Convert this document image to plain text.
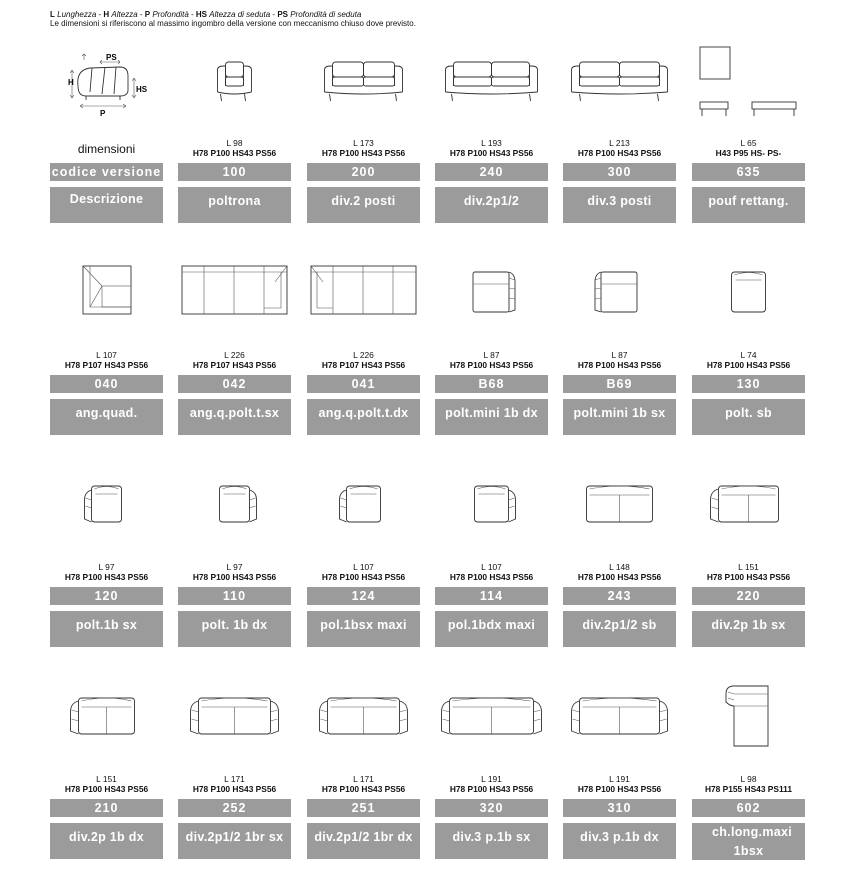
L Lunghezza - H Altezza - P Profondità - HS Altezza di seduta - PS Profondità di seduta
Le dimensioni si riferiscono al massimo ingombro della versione con meccanismo chiuso dove previsto.
PS
H
HS
P
dimensioni
codice versione
Descrizione
L 98
H78 P100 HS43 PS56
100
poltrona
L 173
H78 P100 HS43 PS56
200
div.2 posti
L 193
H78 P100 HS43 PS56
240
div.2p1/2
L 213
H78 P100 HS43 PS56
300
div.3 posti
L 65
H43 P95 HS- PS-
635
pouf rettang.
L 107
H78 P107 HS43 PS56
040
ang.quad.
L 226
H78 P107 HS43 PS56
042
ang.q.polt.t.sx
L 226
H78 P107 HS43 PS56
041
ang.q.polt.t.dx
L 87
H78 P100 HS43 PS56
B68
polt.mini 1b dx
L 87
H78 P100 HS43 PS56
B69
polt.mini 1b sx
L 74
H78 P100 HS43 PS56
130
polt. sb
L 97
H78 P100 HS43 PS56
120
polt.1b sx
L 97
H78 P100 HS43 PS56
110
polt. 1b dx
L 107
H78 P100 HS43 PS56
124
pol.1bsx maxi
L 107
H78 P100 HS43 PS56
114
pol.1bdx maxi
L 148
H78 P100 HS43 PS56
243
div.2p1/2 sb
L 151
H78 P100 HS43 PS56
220
div.2p 1b sx
L 151
H78 P100 HS43 PS56
210
div.2p 1b dx
L 171
H78 P100 HS43 PS56
252
div.2p1/2 1br sx
L 171
H78 P100 HS43 PS56
251
div.2p1/2 1br dx
L 191
H78 P100 HS43 PS56
320
div.3 p.1b sx
L 191
H78 P100 HS43 PS56
310
div.3 p.1b dx
L 98
H78 P155 HS43 PS111
602
ch.long.maxi 1bsx
